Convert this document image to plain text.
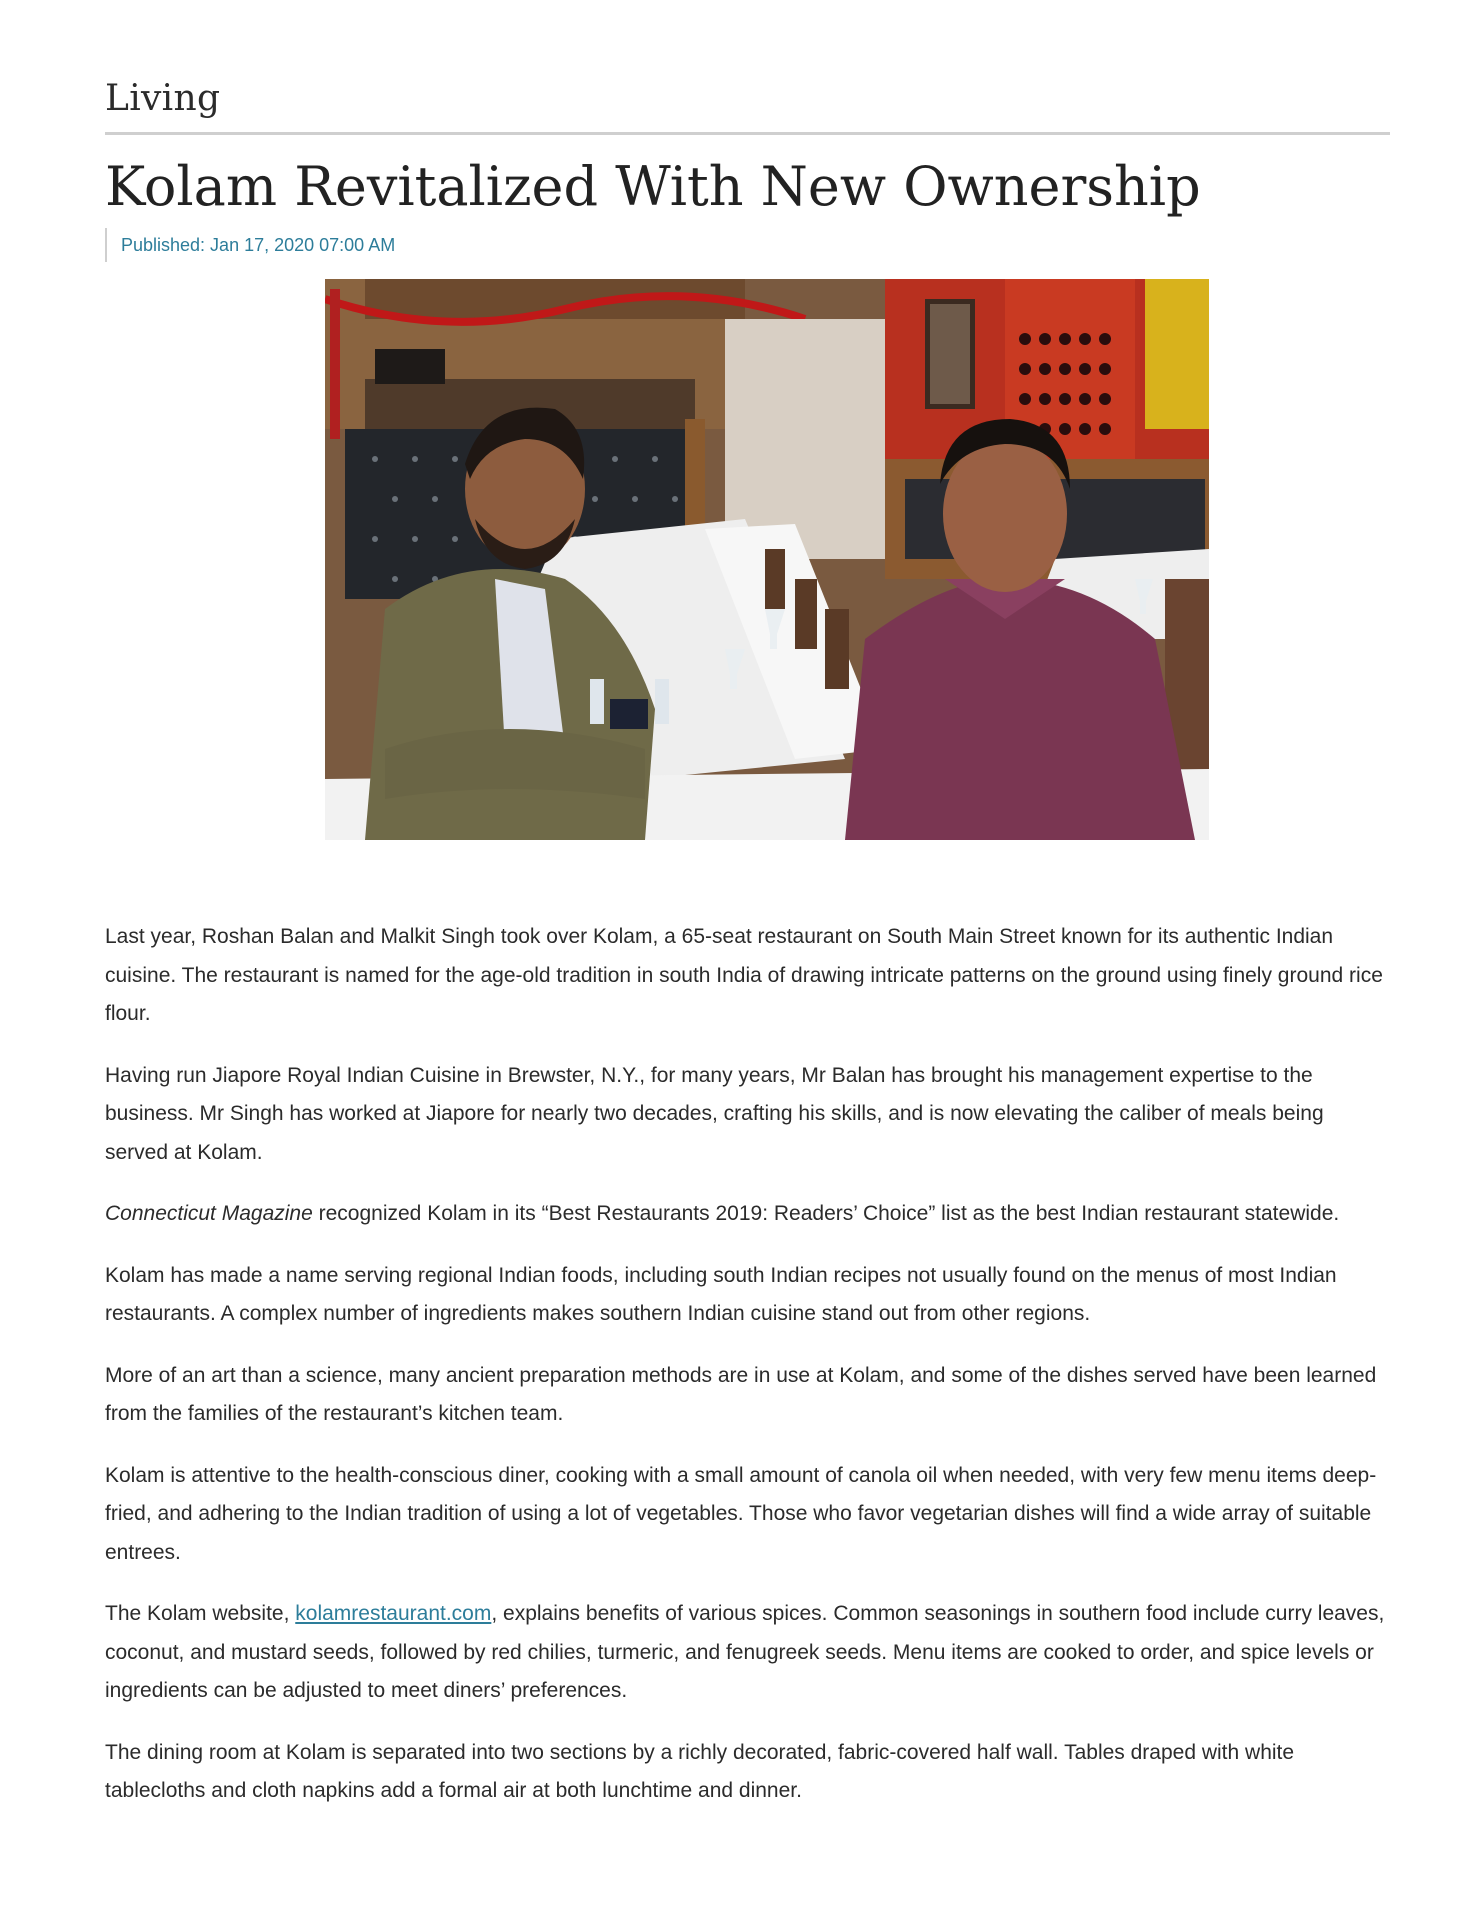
Living
Kolam Revitalized With New Ownership
Published: Jan 17, 2020 07:00 AM

Last year, Roshan Balan and Malkit Singh took over Kolam, a 65-seat restaurant on South Main Street known for its authentic Indian cuisine. The restaurant is named for the age-old tradition in south India of drawing intricate patterns on the ground using finely ground rice flour.

Having run Jiapore Royal Indian Cuisine in Brewster, N.Y., for many years, Mr Balan has brought his management expertise to the business. Mr Singh has worked at Jiapore for nearly two decades, crafting his skills, and is now elevating the caliber of meals being served at Kolam.

Connecticut Magazine recognized Kolam in its “Best Restaurants 2019: Readers’ Choice” list as the best Indian restaurant statewide.

Kolam has made a name serving regional Indian foods, including south Indian recipes not usually found on the menus of most Indian restaurants. A complex number of ingredients makes southern Indian cuisine stand out from other regions.

More of an art than a science, many ancient preparation methods are in use at Kolam, and some of the dishes served have been learned from the families of the restaurant’s kitchen team.

Kolam is attentive to the health-conscious diner, cooking with a small amount of canola oil when needed, with very few menu items deep-fried, and adhering to the Indian tradition of using a lot of vegetables. Those who favor vegetarian dishes will find a wide array of suitable entrees.

The Kolam website, kolamrestaurant.com, explains benefits of various spices. Common seasonings in southern food include curry leaves, coconut, and mustard seeds, followed by red chilies, turmeric, and fenugreek seeds. Menu items are cooked to order, and spice levels or ingredients can be adjusted to meet diners’ preferences.

The dining room at Kolam is separated into two sections by a richly decorated, fabric-covered half wall. Tables draped with white tablecloths and cloth napkins add a formal air at both lunchtime and dinner.
